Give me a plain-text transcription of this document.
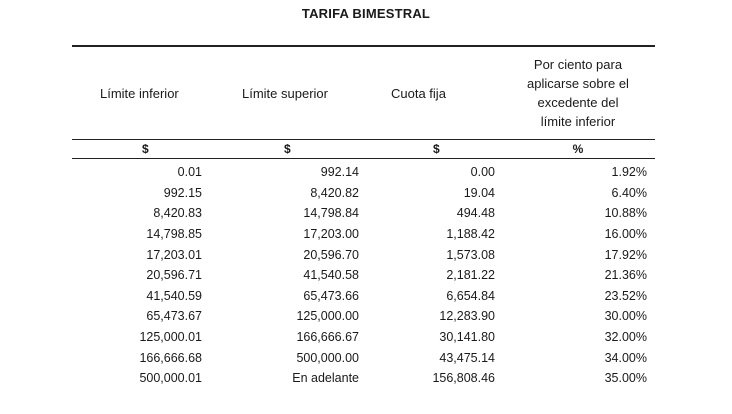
TARIFA BIMESTRAL
Límite inferior	Límite superior	Cuota fija
Por ciento para
aplicarse sobre el
excedente del
límite inferior
$	$	$	%
0.01	992.14	0.00	1.92%
992.15	8,420.82	19.04	6.40%
8,420.83	14,798.84	494.48	10.88%
14,798.85	17,203.00	1,188.42	16.00%
17,203.01	20,596.70	1,573.08	17.92%
20,596.71	41,540.58	2,181.22	21.36%
41,540.59	65,473.66	6,654.84	23.52%
65,473.67	125,000.00	12,283.90	30.00%
125,000.01	166,666.67	30,141.80	32.00%
166,666.68	500,000.00	43,475.14	34.00%
500,000.01	En adelante	156,808.46	35.00%
